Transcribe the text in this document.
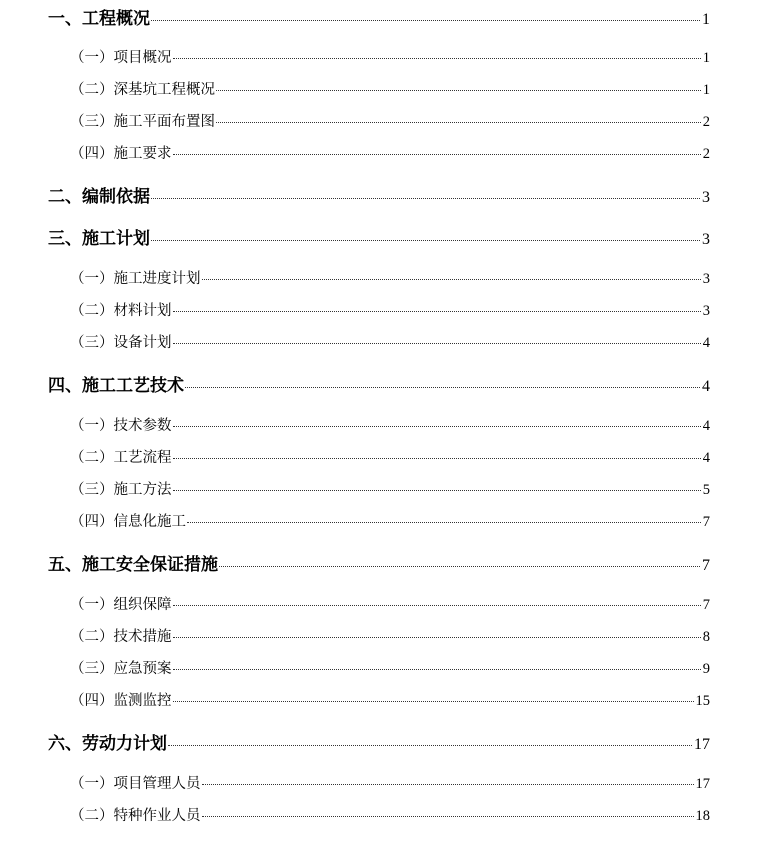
一、工程概况	1
（一）项目概况	1
（二）深基坑工程概况	1
（三）施工平面布置图	2
（四）施工要求	2
二、编制依据	3
三、施工计划	3
（一）施工进度计划	3
（二）材料计划	3
（三）设备计划	4
四、施工工艺技术	4
（一）技术参数	4
（二）工艺流程	4
（三）施工方法	5
（四）信息化施工	7
五、施工安全保证措施	7
（一）组织保障	7
（二）技术措施	8
（三）应急预案	9
（四）监测监控	15
六、劳动力计划	17
（一）项目管理人员	17
（二）特种作业人员	18
